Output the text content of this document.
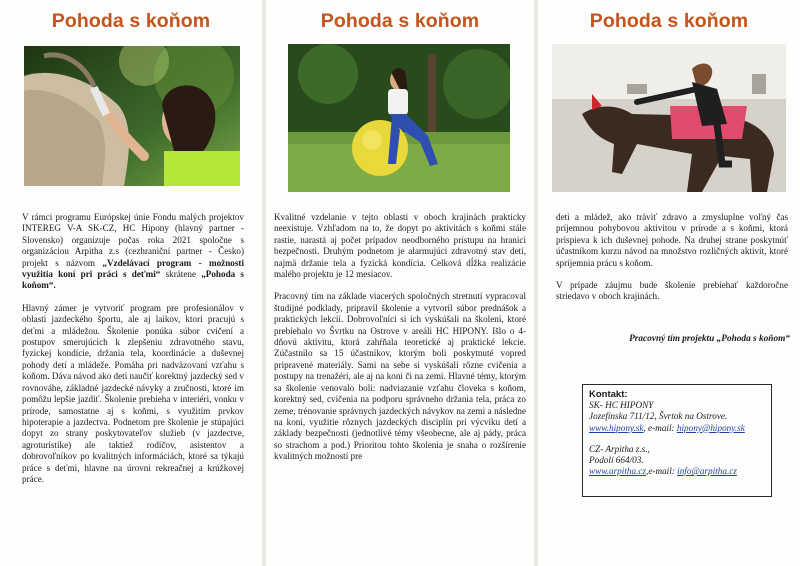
Pohoda s koňom

V rámci programu Európskej únie Fondu malých projektov INTEREG V-A SK-CZ, HC Hipony (hlavný partner - Slovensko) organizuje počas roka 2021 spoločne s organizáciou Arpitha z.s (cezhraniční partner - Česko) projekt s názvom „Vzdelávací program - možnosti využitia koní pri práci s deťmi“ skrátene „Pohoda s koňom“.

Hlavný zámer je vytvoriť program pre profesionálov v oblasti jazdeckého športu, ale aj laikov, ktorí pracujú s deťmi a mládežou. Školenie ponúka súbor cvičení a postupov smerujúcich k zlepšeniu zdravotného stavu, fyzickej kondície, držania tela, koordinácie a duševnej pohody detí a mládeže. Pomáha pri nadväzovaní vzťahu s koňom. Dáva návod ako deti naučiť korektný jazdecký sed v rovnováhe, základné jazdecké návyky a zručnosti, ktoré im pomôžu lepšie jazdiť. Školenie prebieha v interiéri, vonku v prírode, samostatne aj s koňmi, s využitím prvkov hipoterapie a jazdectva. Podnetom pre školenie je stúpajúci dopyt zo strany poskytovateľov služieb (v jazdectve, agroturistike) ale taktiež rodičov, asistentov a dobrovoľníkov po kvalitných informáciách, ktoré sa týkajú práce s deťmi, hlavne na úrovni rekreačnej a krúžkovej práce.

Pohoda s koňom

Kvalitné vzdelanie v tejto oblasti v oboch krajinách prakticky neexistuje. Vzhľadom na to, že dopyt po aktivitách s koňmi stále rastie, narastá aj počet prípadov neodborného prístupu na hranici bezpečnosti. Druhým podnetom je alarmujúci zdravotný stav detí, najmä držanie tela a fyzická kondícia. Celková dĺžka realizácie malého projektu je 12 mesiacov.

Pracovný tím na základe viacerých spoločných stretnutí vypracoval študijné podklady, pripravil školenie a vytvoril súbor prednášok a praktických lekcií. Dobrovoľníci si ich vyskúšali na školení, ktoré prebiehalo vo Švrtku na Ostrove v areáli HC HIPONY. Išlo o 4-dňovú aktivitu, ktorá zahŕňala teoretické aj praktické lekcie. Zúčastnilo sa 15 účastníkov, ktorým boli poskytnuté vopred pripravené materiály. Sami na sebe si vyskúšali rôzne cvičenia a postupy na trenažéri, ale aj na koni či na zemi. Hlavné témy, ktorým sa školenie venovalo boli: nadviazanie vzťahu človeka s koňom, korektný sed, cvičenia na podporu správneho držania tela, práca zo zeme, trénovanie správnych jazdeckých návykov na zemi a následne na koni, využitie rôznych jazdeckých disciplín pri výcviku detí a základy bezpečnosti (jednotlivé témy všeobecne, ale aj pády, práca so strachom a pod.) Prioritou tohto školenia je snaha o rozšírenie kvalitných možností pre

Pohoda s koňom

deti a mládež, ako tráviť zdravo a zmysluplne voľný čas príjemnou pohybovou aktivitou v prírode a s koňmi, ktorá prispieva k ich duševnej pohode. Na druhej strane poskytnúť účastníkom kurzu návod na množstvo rozličných aktivít, ktoré spríjemnia prácu s koňom.

V prípade záujmu bude školenie prebiehať každoročne striedavo v oboch krajinách.

Pracovný tím projektu „Pohoda s koňom“
Kontakt:
SK- HC HIPONY
Jozefínska 711/12, Švrtok na Ostrove.
www.hipony.sk, e-mail: hipony@hipony.sk
CZ- Arpitha z.s.,
Podolí 664/03.
www.arpitha.cz,e-mail: info@arpitha.cz
